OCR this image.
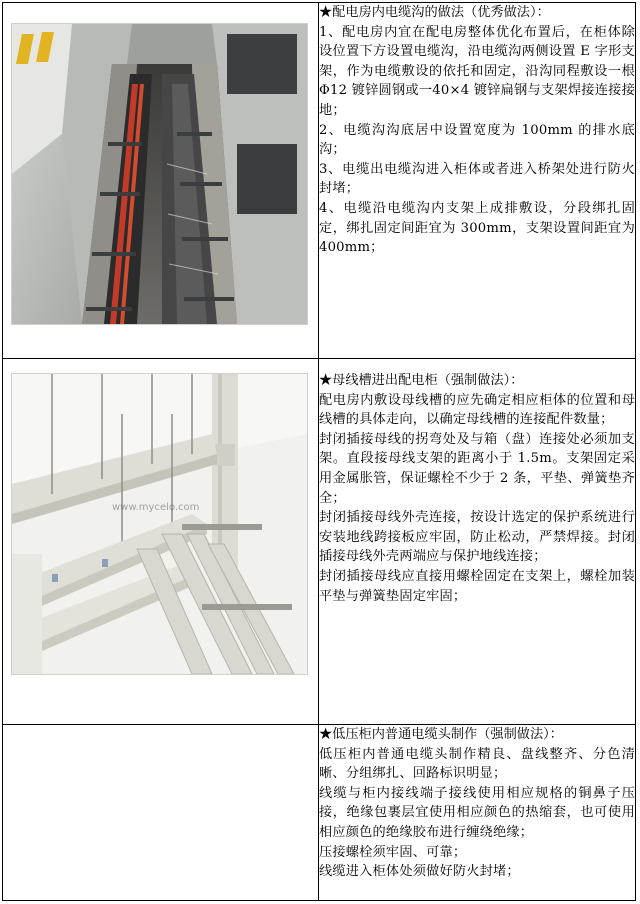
★配电房内电缆沟的做法（优秀做法）：

1、配电房内宜在配电房整体优化布置后，在柜体除设位置下方设置电缆沟，沿电缆沟两侧设置 E 字形支架，作为电缆敷设的依托和固定，沿沟同程敷设一根 Φ12 镀锌圆钢或一40×4 镀锌扁钢与支架焊接连接接地；

2、电缆沟沟底居中设置宽度为 100mm 的排水底沟；

3、电缆出电缆沟进入柜体或者进入桥架处进行防火封堵；

4、电缆沿电缆沟内支架上成排敷设，分段绑扎固定，绑扎固定间距宜为 300mm，支架设置间距宜为 400mm；

www.mycelo.com	★母线槽进出配电柜（强制做法）：

配电房内敷设母线槽的应先确定相应柜体的位置和母线槽的具体走向，以确定母线槽的连接配件数量；

封闭插接母线的拐弯处及与箱（盘）连接处必须加支架。直段接母线支架的距离小于 1.5m。支架固定采用金属胀管，保证螺栓不少于 2 条，平垫、弹簧垫齐全；

封闭插接母线外壳连接，按设计选定的保护系统进行安装地线跨接板应牢固，防止松动，严禁焊接。封闭插接母线外壳两端应与保护地线连接；

封闭插接母线应直接用螺栓固定在支架上，螺栓加装平垫与弹簧垫固定牢固；

	★低压柜内普通电缆头制作（强制做法）：

低压柜内普通电缆头制作精良、盘线整齐、分色清晰、分组绑扎、回路标识明显；

线缆与柜内接线端子接线使用相应规格的铜鼻子压接，绝缘包裹层宜使用相应颜色的热缩套，也可使用相应颜色的绝缘胶布进行缠绕绝缘；

压接螺栓须牢固、可靠；

线缆进入柜体处须做好防火封堵；
